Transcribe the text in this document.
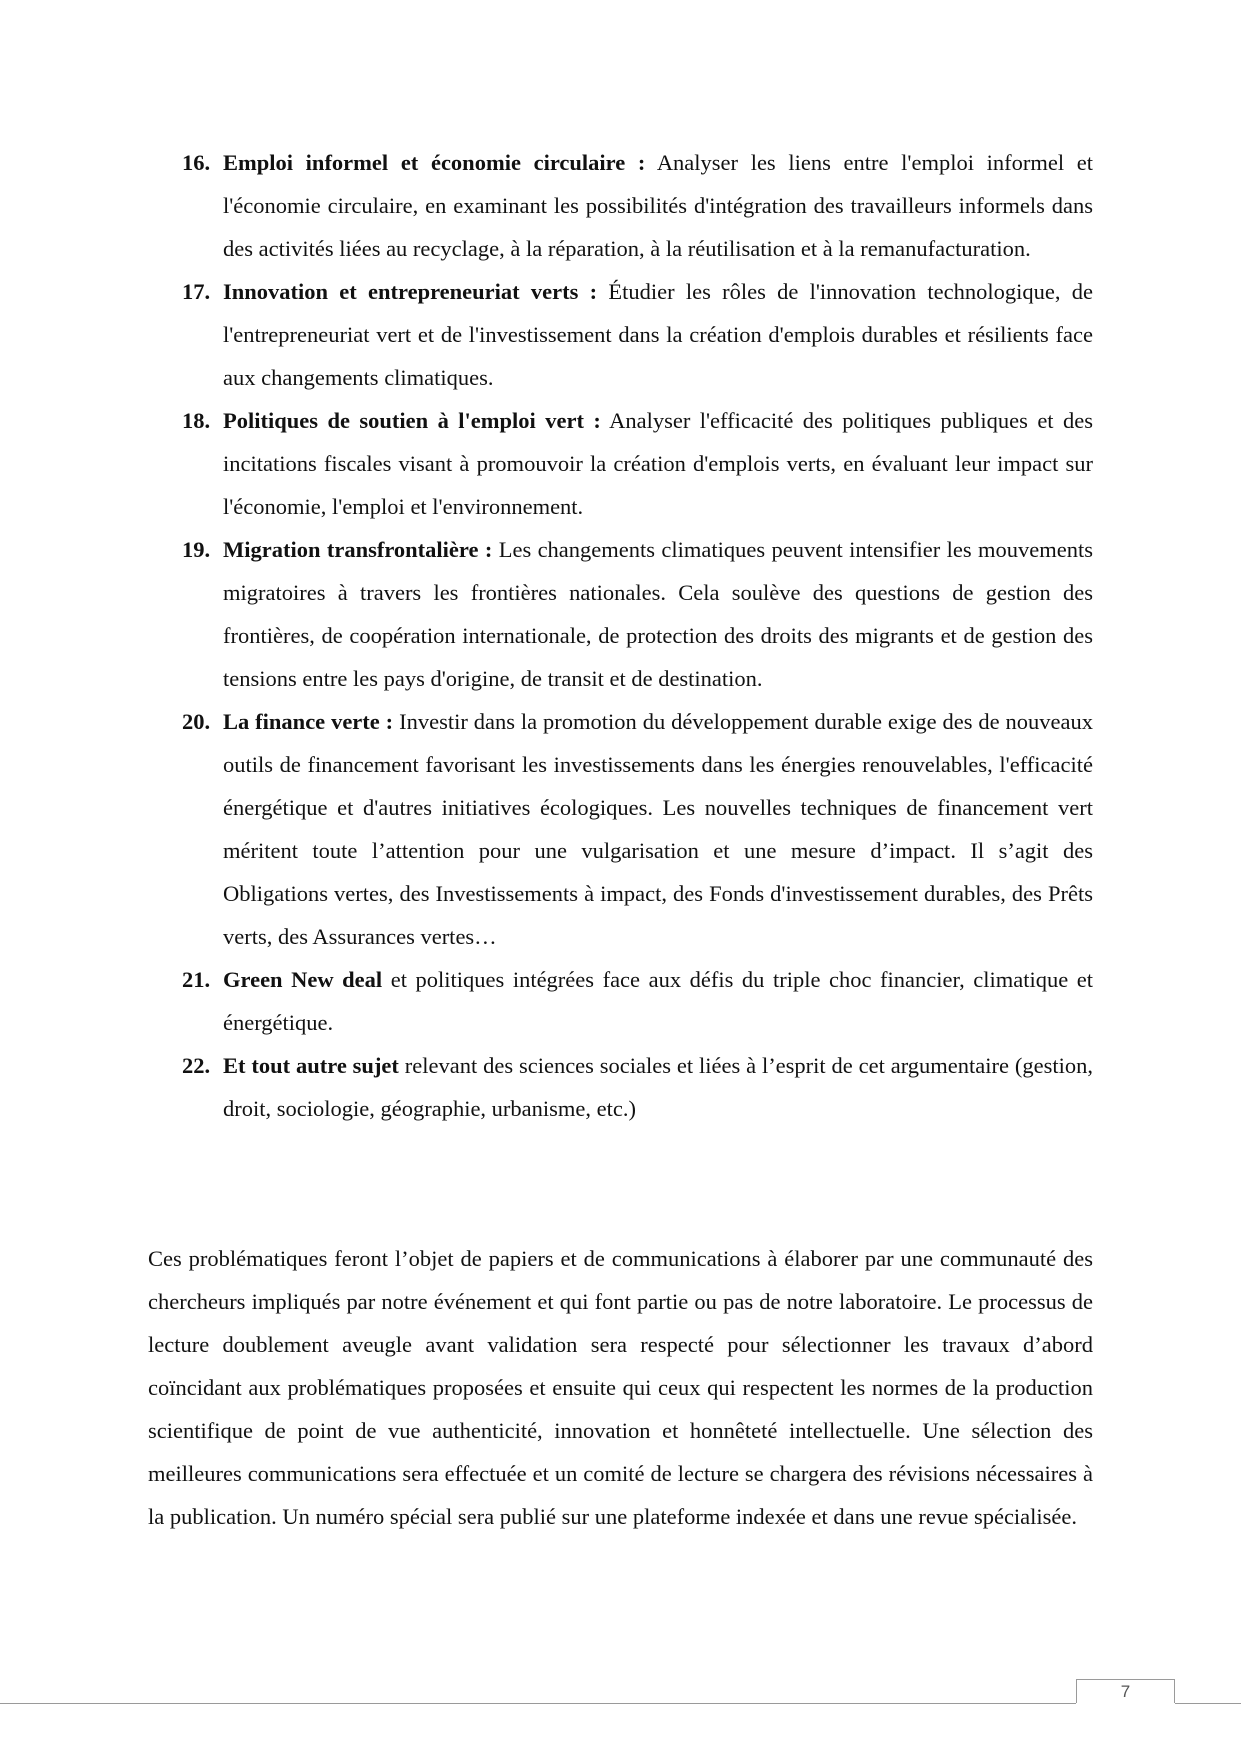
16. Emploi informel et économie circulaire : Analyser les liens entre l'emploi informel et l'économie circulaire, en examinant les possibilités d'intégration des travailleurs informels dans des activités liées au recyclage, à la réparation, à la réutilisation et à la remanufacturation.
17. Innovation et entrepreneuriat verts : Étudier les rôles de l'innovation technologique, de l'entrepreneuriat vert et de l'investissement dans la création d'emplois durables et résilients face aux changements climatiques.
18. Politiques de soutien à l'emploi vert : Analyser l'efficacité des politiques publiques et des incitations fiscales visant à promouvoir la création d'emplois verts, en évaluant leur impact sur l'économie, l'emploi et l'environnement.
19. Migration transfrontalière : Les changements climatiques peuvent intensifier les mouvements migratoires à travers les frontières nationales. Cela soulève des questions de gestion des frontières, de coopération internationale, de protection des droits des migrants et de gestion des tensions entre les pays d'origine, de transit et de destination.
20. La finance verte : Investir dans la promotion du développement durable exige des de nouveaux outils de financement favorisant les investissements dans les énergies renouvelables, l'efficacité énergétique et d'autres initiatives écologiques. Les nouvelles techniques de financement vert méritent toute l’attention pour une vulgarisation et une mesure d’impact. Il s’agit des Obligations vertes, des Investissements à impact, des Fonds d'investissement durables, des Prêts verts, des Assurances vertes…
21. Green New deal et politiques intégrées face aux défis du triple choc financier, climatique et énergétique.
22. Et tout autre sujet relevant des sciences sociales et liées à l’esprit de cet argumentaire (gestion, droit, sociologie, géographie, urbanisme, etc.)

Ces problématiques feront l’objet de papiers et de communications à élaborer par une communauté des chercheurs impliqués par notre événement et qui font partie ou pas de notre laboratoire. Le processus de lecture doublement aveugle avant validation sera respecté pour sélectionner les travaux d’abord coïncidant aux problématiques proposées et ensuite qui ceux qui respectent les normes de la production scientifique de point de vue authenticité, innovation et honnêteté intellectuelle. Une sélection des meilleures communications sera effectuée et un comité de lecture se chargera des révisions nécessaires à la publication. Un numéro spécial sera publié sur une plateforme indexée et dans une revue spécialisée.

7
